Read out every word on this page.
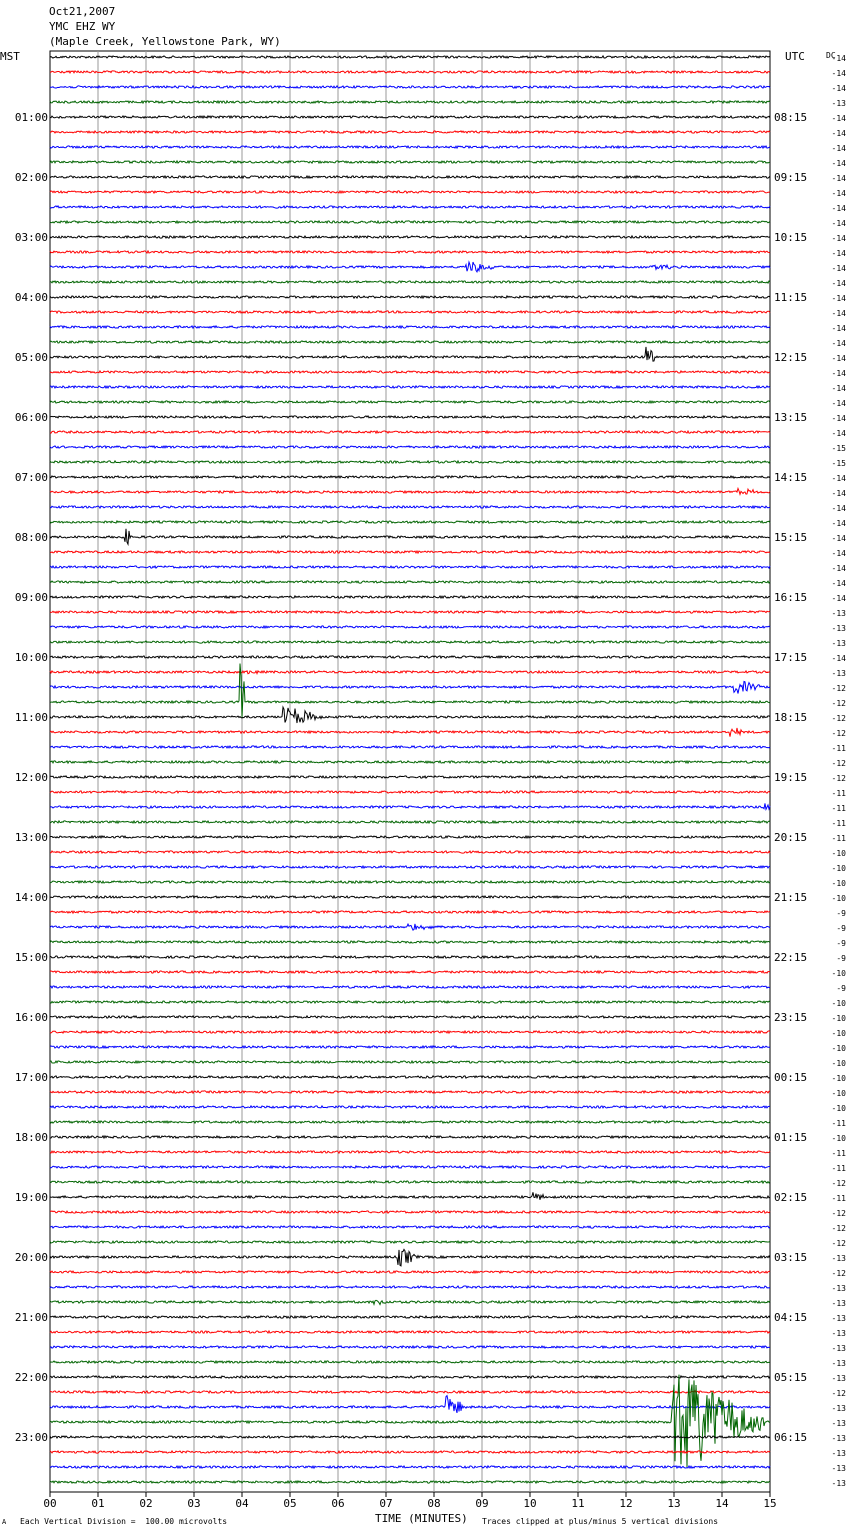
Oct21,2007
YMC EHZ WY
(Maple Creek, Yellowstone Park, WY)
MST	UTC	DC
00	01	02	03	04	05	06	07	08	09	10	11	12	13	14	15
-14
-14
-14
-13
-14
01:00	08:15
-14
-14
-14
-14
02:00	09:15
-14
-14
-14
-14
03:00	10:15
-14
-14
-14
-14
04:00	11:15
-14
-14
-14
-14
05:00	12:15
-14
-14
-14
-14
06:00	13:15
-14
-15
-15
-14
07:00	14:15
-14
-14
-14
-14
08:00	15:15
-14
-14
-14
-14
09:00	16:15
-13
-13
-13
-14
10:00	17:15
-13
-12
-12
-12
11:00	18:15
-12
-11
-12
-12
12:00	19:15
-11
-11
-11
-11
13:00	20:15
-10
-10
-10
-10
14:00	21:15
-9
-9
-9
-9
15:00	22:15
-10
-9
-10
-10
16:00	23:15
-10
-10
-10
-10
17:00	00:15
-10
-10
-11
-10
18:00	01:15
-11
-11
-12
-11
19:00	02:15
-12
-12
-12
-13
20:00	03:15
-12
-13
-13
-13
21:00	04:15
-13
-13
-13
-13
22:00	05:15
-12
-13
-13
-13
23:00	06:15
-13
-13
-13
TIME (MINUTES)
A Each Vertical Division =  100.00 microvolts	Traces clipped at plus/minus 5 vertical divisions
